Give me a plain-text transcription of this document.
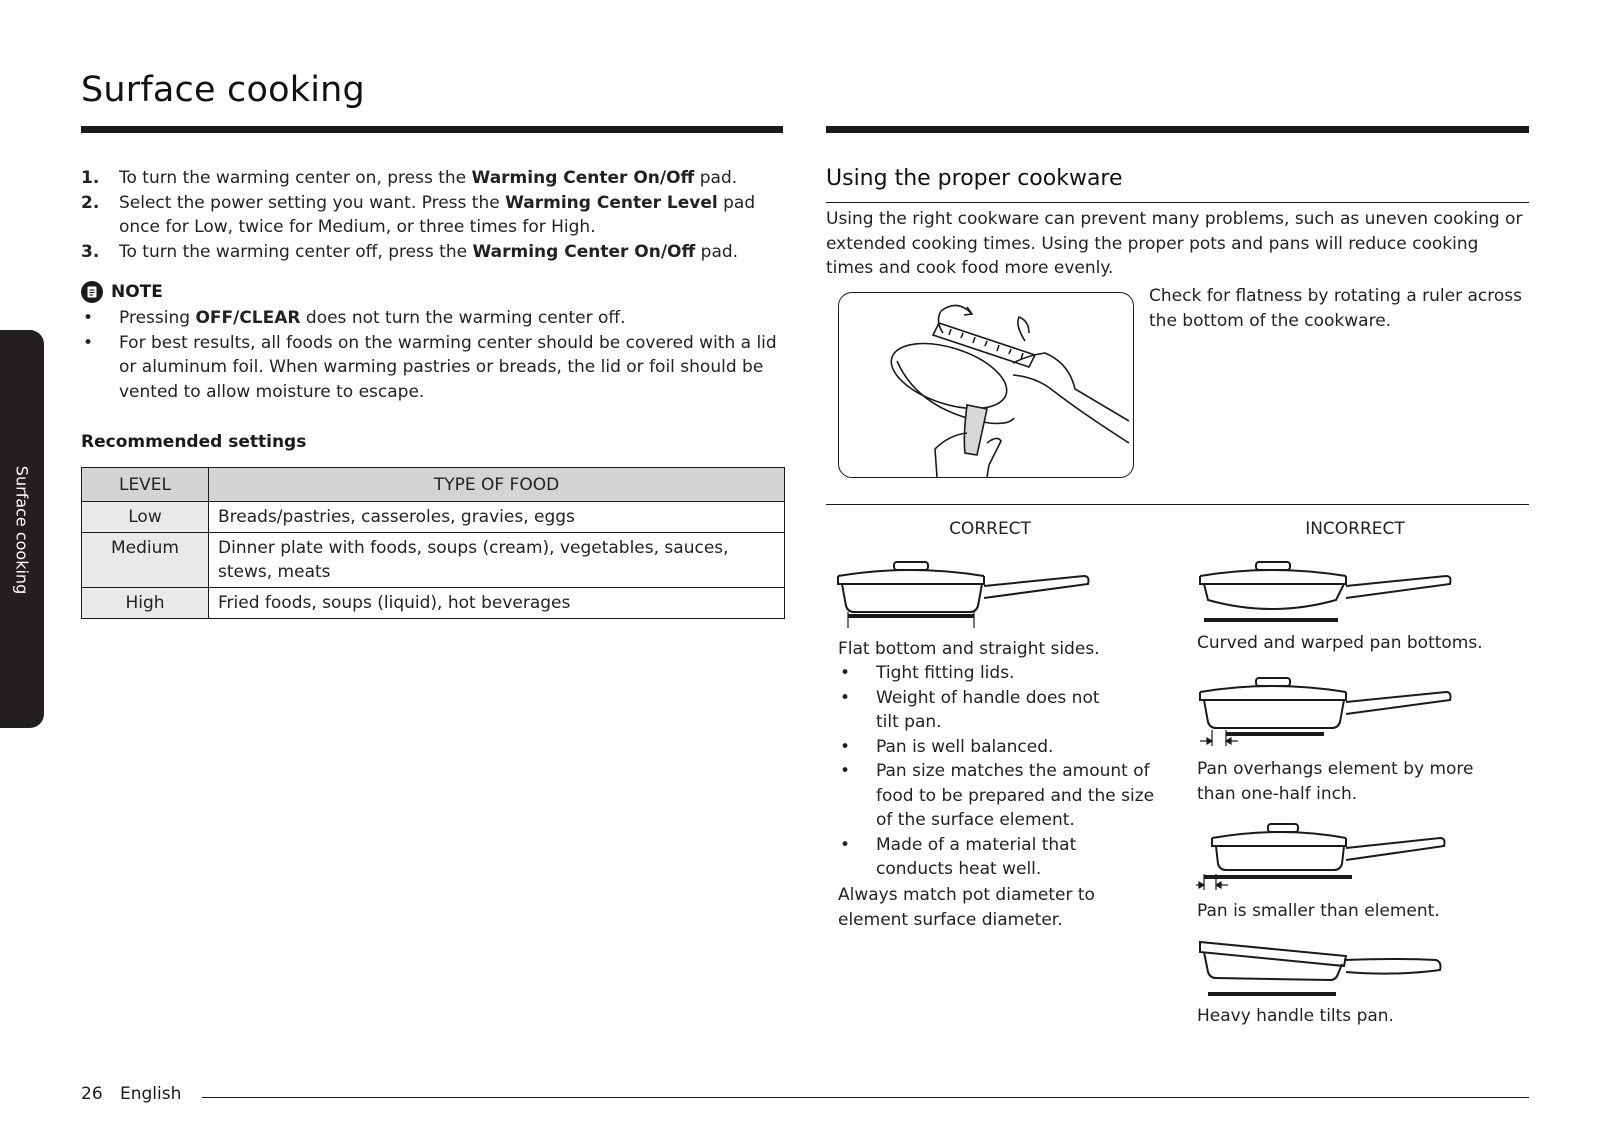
Surface cooking
Surface cooking
1. To turn the warming center on, press the Warming Center On/Off pad.
2. Select the power setting you want. Press the Warming Center Level pad once for Low, twice for Medium, or three times for High.
3. To turn the warming center off, press the Warming Center On/Off pad.
NOTE
• Pressing OFF/CLEAR does not turn the warming center off.
• For best results, all foods on the warming center should be covered with a lid or aluminum foil. When warming pastries or breads, the lid or foil should be vented to allow moisture to escape.
Recommended settings
LEVEL	TYPE OF FOOD
Low	Breads/pastries, casseroles, gravies, eggs
Medium	Dinner plate with foods, soups (cream), vegetables, sauces, stews, meats
High	Fried foods, soups (liquid), hot beverages
Using the proper cookware
Using the right cookware can prevent many problems, such as uneven cooking or extended cooking times. Using the proper pots and pans will reduce cooking times and cook food more evenly.
Check for flatness by rotating a ruler across the bottom of the cookware.
CORRECT	INCORRECT
Flat bottom and straight sides.
• Tight fitting lids.
• Weight of handle does not tilt pan.
• Pan is well balanced.
• Pan size matches the amount of food to be prepared and the size of the surface element.
• Made of a material that conducts heat well.
Always match pot diameter to element surface diameter.
Curved and warped pan bottoms.
Pan overhangs element by more than one-half inch.
Pan is smaller than element.
Heavy handle tilts pan.
26 English
